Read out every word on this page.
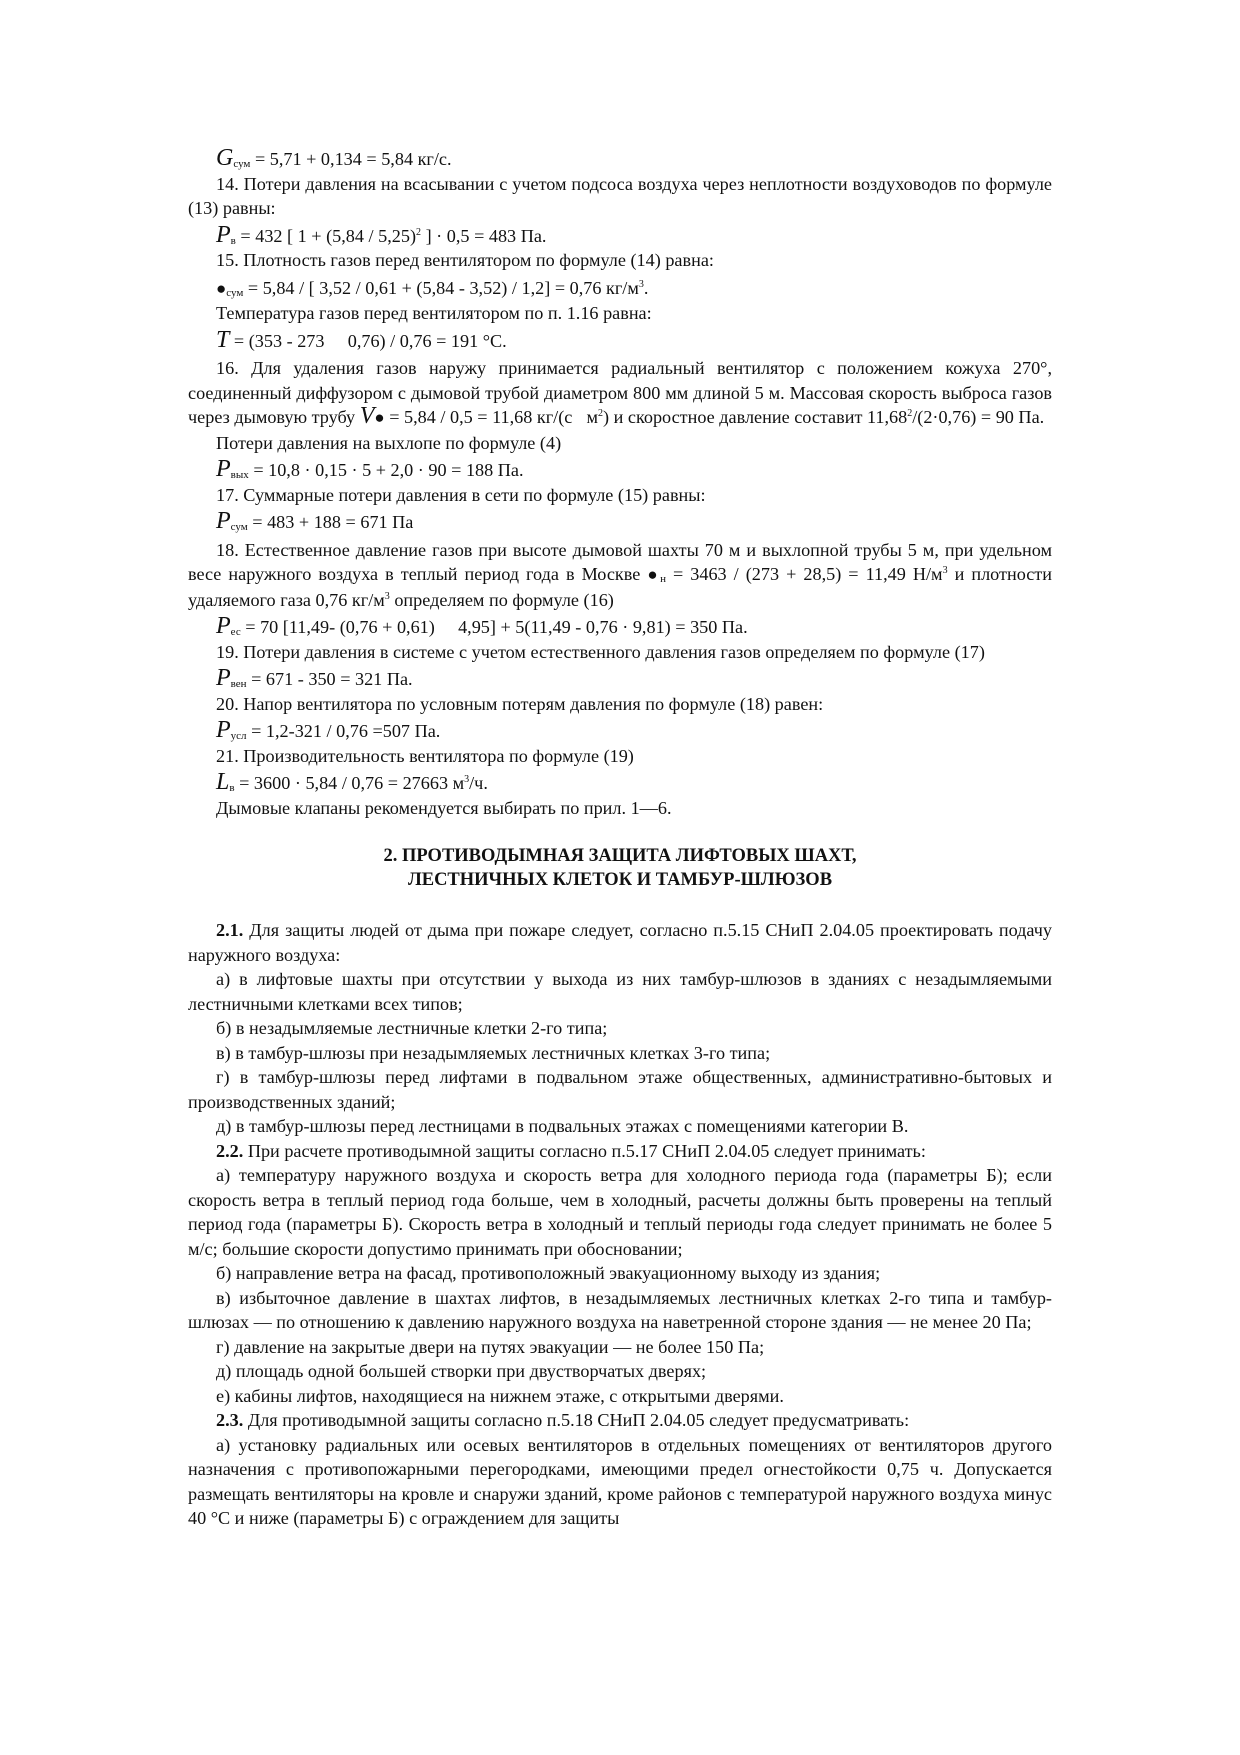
$G_{сум} = 5,71 + 0,134 = 5,84$ кг/с.

14. Потери давления на всасывании с учетом подсоса воздуха через неплотности воздуховодов по формуле (13) равны:

$P_в = 432$ [ 1 + (5,84 / 5,25)$^2$ ] · 0,5 = 483 Па.

15. Плотность газов перед вентилятором по формуле (14) равна:

$●_{сум} = 5,84$ / [ 3,52 / 0,61 + (5,84 - 3,52) / 1,2] = 0,76 $кг/м^3$.

Температура газов перед вентилятором по п. 1.16 равна:

T = (353 - 273 ⃞ 0,76) / 0,76 = 191 °C.

16. Для удаления газов наружу принимается радиальный вентилятор с положением кожуха 270°, соединенный диффузором с дымовой трубой диаметром 800 мм длиной 5 м. Массовая скорость выброса газов через дымовую трубу V● = 5,84 / 0,5 = 11,68 $кг/(с⃞м^2)$ и скоростное давление составит $11,68^2/(2\cdot 0,76) = 90$ Па.

Потери давления на выхлопе по формуле (4)

$P_{вых} = 10,8 \cdot 0,15 \cdot 5 + 2,0 \cdot 90 = 188$ Па.

17. Суммарные потери давления в сети по формуле (15) равны:

$P_{сум} = 483 + 188 = 671$ Па

18. Естественное давление газов при высоте дымовой шахты 70 м и выхлопной трубы 5 м, при удельном весе наружного воздуха в теплый период года в Москве $●_н = 3463 / (273 + 28,5) = 11,49$ $Н/м^3$ и плотности удаляемого газа 0,76 $кг/м^3$ определяем по формуле (16)

$P_{ес} = 70$ [11,49- (0,76 + 0,61) ⃞ 4,95] + 5(11,49 - 0,76 · 9,81) = 350 Па.

19. Потери давления в системе с учетом естественного давления газов определяем по формуле (17)

$P_{вен} = 671 - 350 = 321$ Па.

20. Напор вентилятора по условным потерям давления по формуле (18) равен:

$P_{усл} = 1,2-321 / 0,76 =507$ Па.

21. Производительность вентилятора по формуле (19)

$L_в = 3600 \cdot 5,84 / 0,76 = 27663$ $м^3/ч$.

Дымовые клапаны рекомендуется выбирать по прил. 1—6.

2. ПРОТИВОДЫМНАЯ ЗАЩИТА ЛИФТОВЫХ ШАХТ,
ЛЕСТНИЧНЫХ КЛЕТОК И ТАМБУР-ШЛЮЗОВ

2.1. Для защиты людей от дыма при пожаре следует, согласно п.5.15 СНиП 2.04.05 проектировать подачу наружного воздуха:

а) в лифтовые шахты при отсутствии у выхода из них тамбур-шлюзов в зданиях с незадымляемыми лестничными клетками всех типов;

б) в незадымляемые лестничные клетки 2-го типа;

в) в тамбур-шлюзы при незадымляемых лестничных клетках 3-го типа;

г) в тамбур-шлюзы перед лифтами в подвальном этаже общественных, административно-бытовых и производственных зданий;

д) в тамбур-шлюзы перед лестницами в подвальных этажах с помещениями категории В.

2.2. При расчете противодымной защиты согласно п.5.17 СНиП 2.04.05 следует принимать:

а) температуру наружного воздуха и скорость ветра для холодного периода года (параметры Б); если скорость ветра в теплый период года больше, чем в холодный, расчеты должны быть проверены на теплый период года (параметры Б). Скорость ветра в холодный и теплый периоды года следует принимать не более 5 м/с; большие скорости допустимо принимать при обосновании;

б) направление ветра на фасад, противоположный эвакуационному выходу из здания;

в) избыточное давление в шахтах лифтов, в незадымляемых лестничных клетках 2-го типа и тамбур-шлюзах — по отношению к давлению наружного воздуха на наветренной стороне здания — не менее 20 Па;

г) давление на закрытые двери на путях эвакуации — не более 150 Па;

д) площадь одной большей створки при двустворчатых дверях;

е) кабины лифтов, находящиеся на нижнем этаже, с открытыми дверями.

2.3. Для противодымной защиты согласно п.5.18 СНиП 2.04.05 следует предусматривать:

а) установку радиальных или осевых вентиляторов в отдельных помещениях от вентиляторов другого назначения с противопожарными перегородками, имеющими предел огнестойкости 0,75 ч. Допускается размещать вентиляторы на кровле и снаружи зданий, кроме районов с температурой наружного воздуха минус 40 °С и ниже (параметры Б) с ограждением для защиты
